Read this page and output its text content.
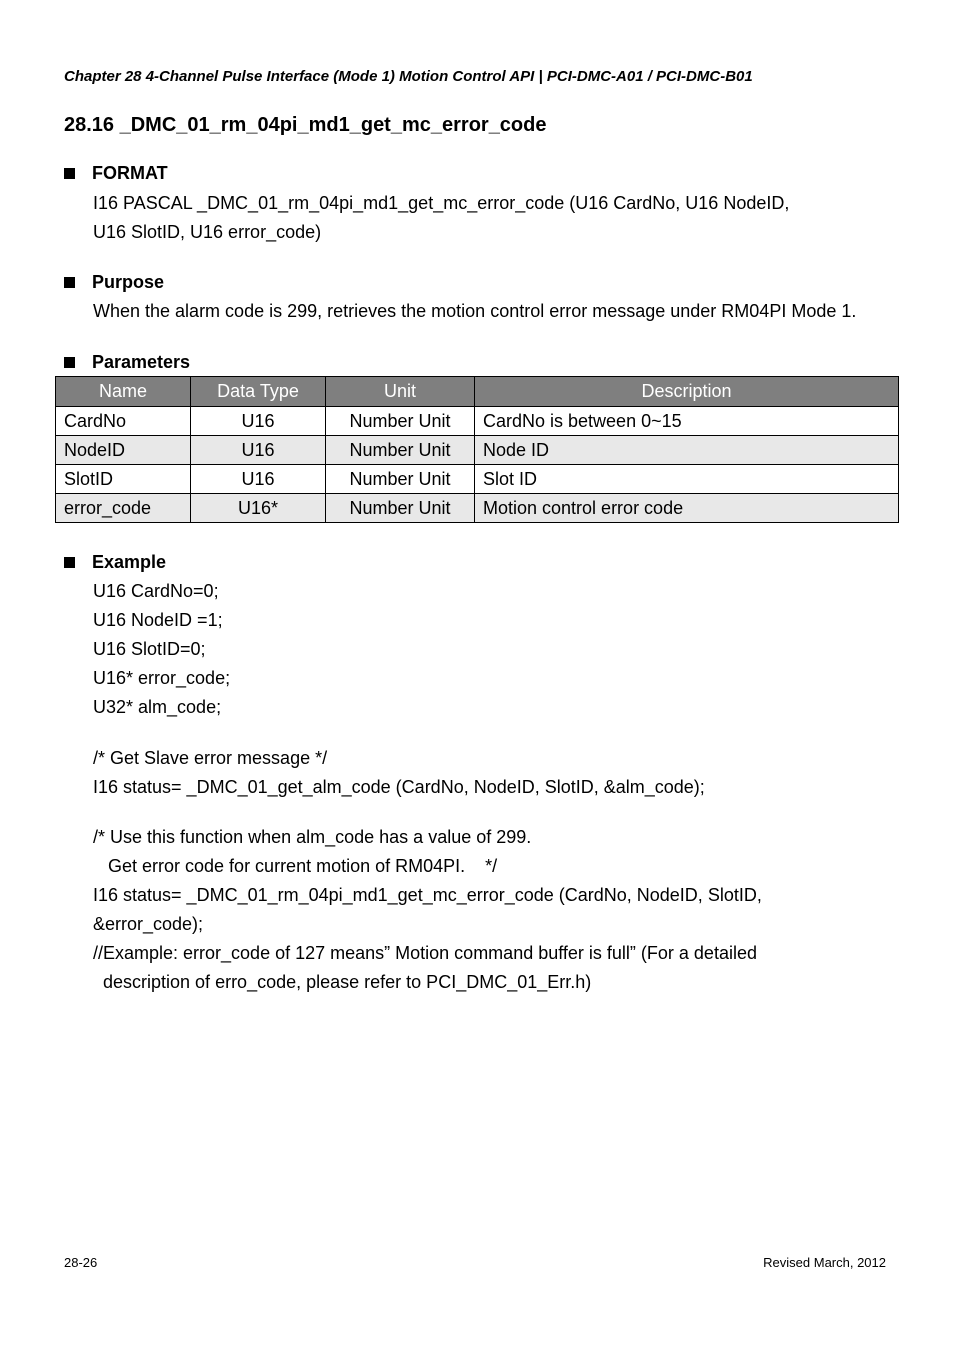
Chapter 28 4-Channel Pulse Interface (Mode 1) Motion Control API | PCI-DMC-A01 / PCI-DMC-B01
28.16 _DMC_01_rm_04pi_md1_get_mc_error_code
FORMAT
I16 PASCAL _DMC_01_rm_04pi_md1_get_mc_error_code (U16 CardNo, U16 NodeID,
U16 SlotID, U16 error_code)
Purpose
When the alarm code is 299, retrieves the motion control error message under RM04PI Mode 1.
Parameters
Name	Data Type	Unit	Description
CardNo	U16	Number Unit	CardNo is between 0~15
NodeID	U16	Number Unit	Node ID
SlotID	U16	Number Unit	Slot ID
error_code	U16*	Number Unit	Motion control error code
Example
U16 CardNo=0;
U16 NodeID =1;
U16 SlotID=0;
U16* error_code;
U32* alm_code;
/* Get Slave error message */
I16 status= _DMC_01_get_alm_code (CardNo, NodeID, SlotID, &alm_code);
/* Use this function when alm_code has a value of 299.
Get error code for current motion of RM04PI.    */
I16 status= _DMC_01_rm_04pi_md1_get_mc_error_code (CardNo, NodeID, SlotID,
&error_code);
//Example: error_code of 127 means” Motion command buffer is full” (For a detailed
description of erro_code, please refer to PCI_DMC_01_Err.h)
28-26	Revised March, 2012
